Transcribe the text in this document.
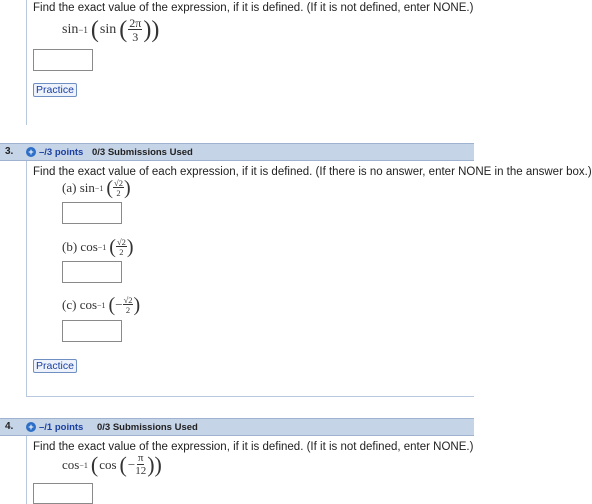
Find the exact value of the expression, if it is defined. (If it is not defined, enter NONE.)
sin −1 ( sin ( $\frac{2\pi}{3}$ ))
Practice
3. + –/3 points 0/3 Submissions Used
Find the exact value of each expression, if it is defined. (If there is no answer, enter NONE in the answer box.)
(a)
sin −1 ( $\frac{√2}{2}$ )
(b)
cos −1 ( $\frac{√2}{2}$ )
(c)
cos −1 ( − $\frac{√2}{2}$ )
Practice
4. + –/1 points 0/3 Submissions Used
Find the exact value of the expression, if it is defined. (If it is not defined, enter NONE.)
cos −1 ( cos ( − $\frac{\pi}{12}$ ))
